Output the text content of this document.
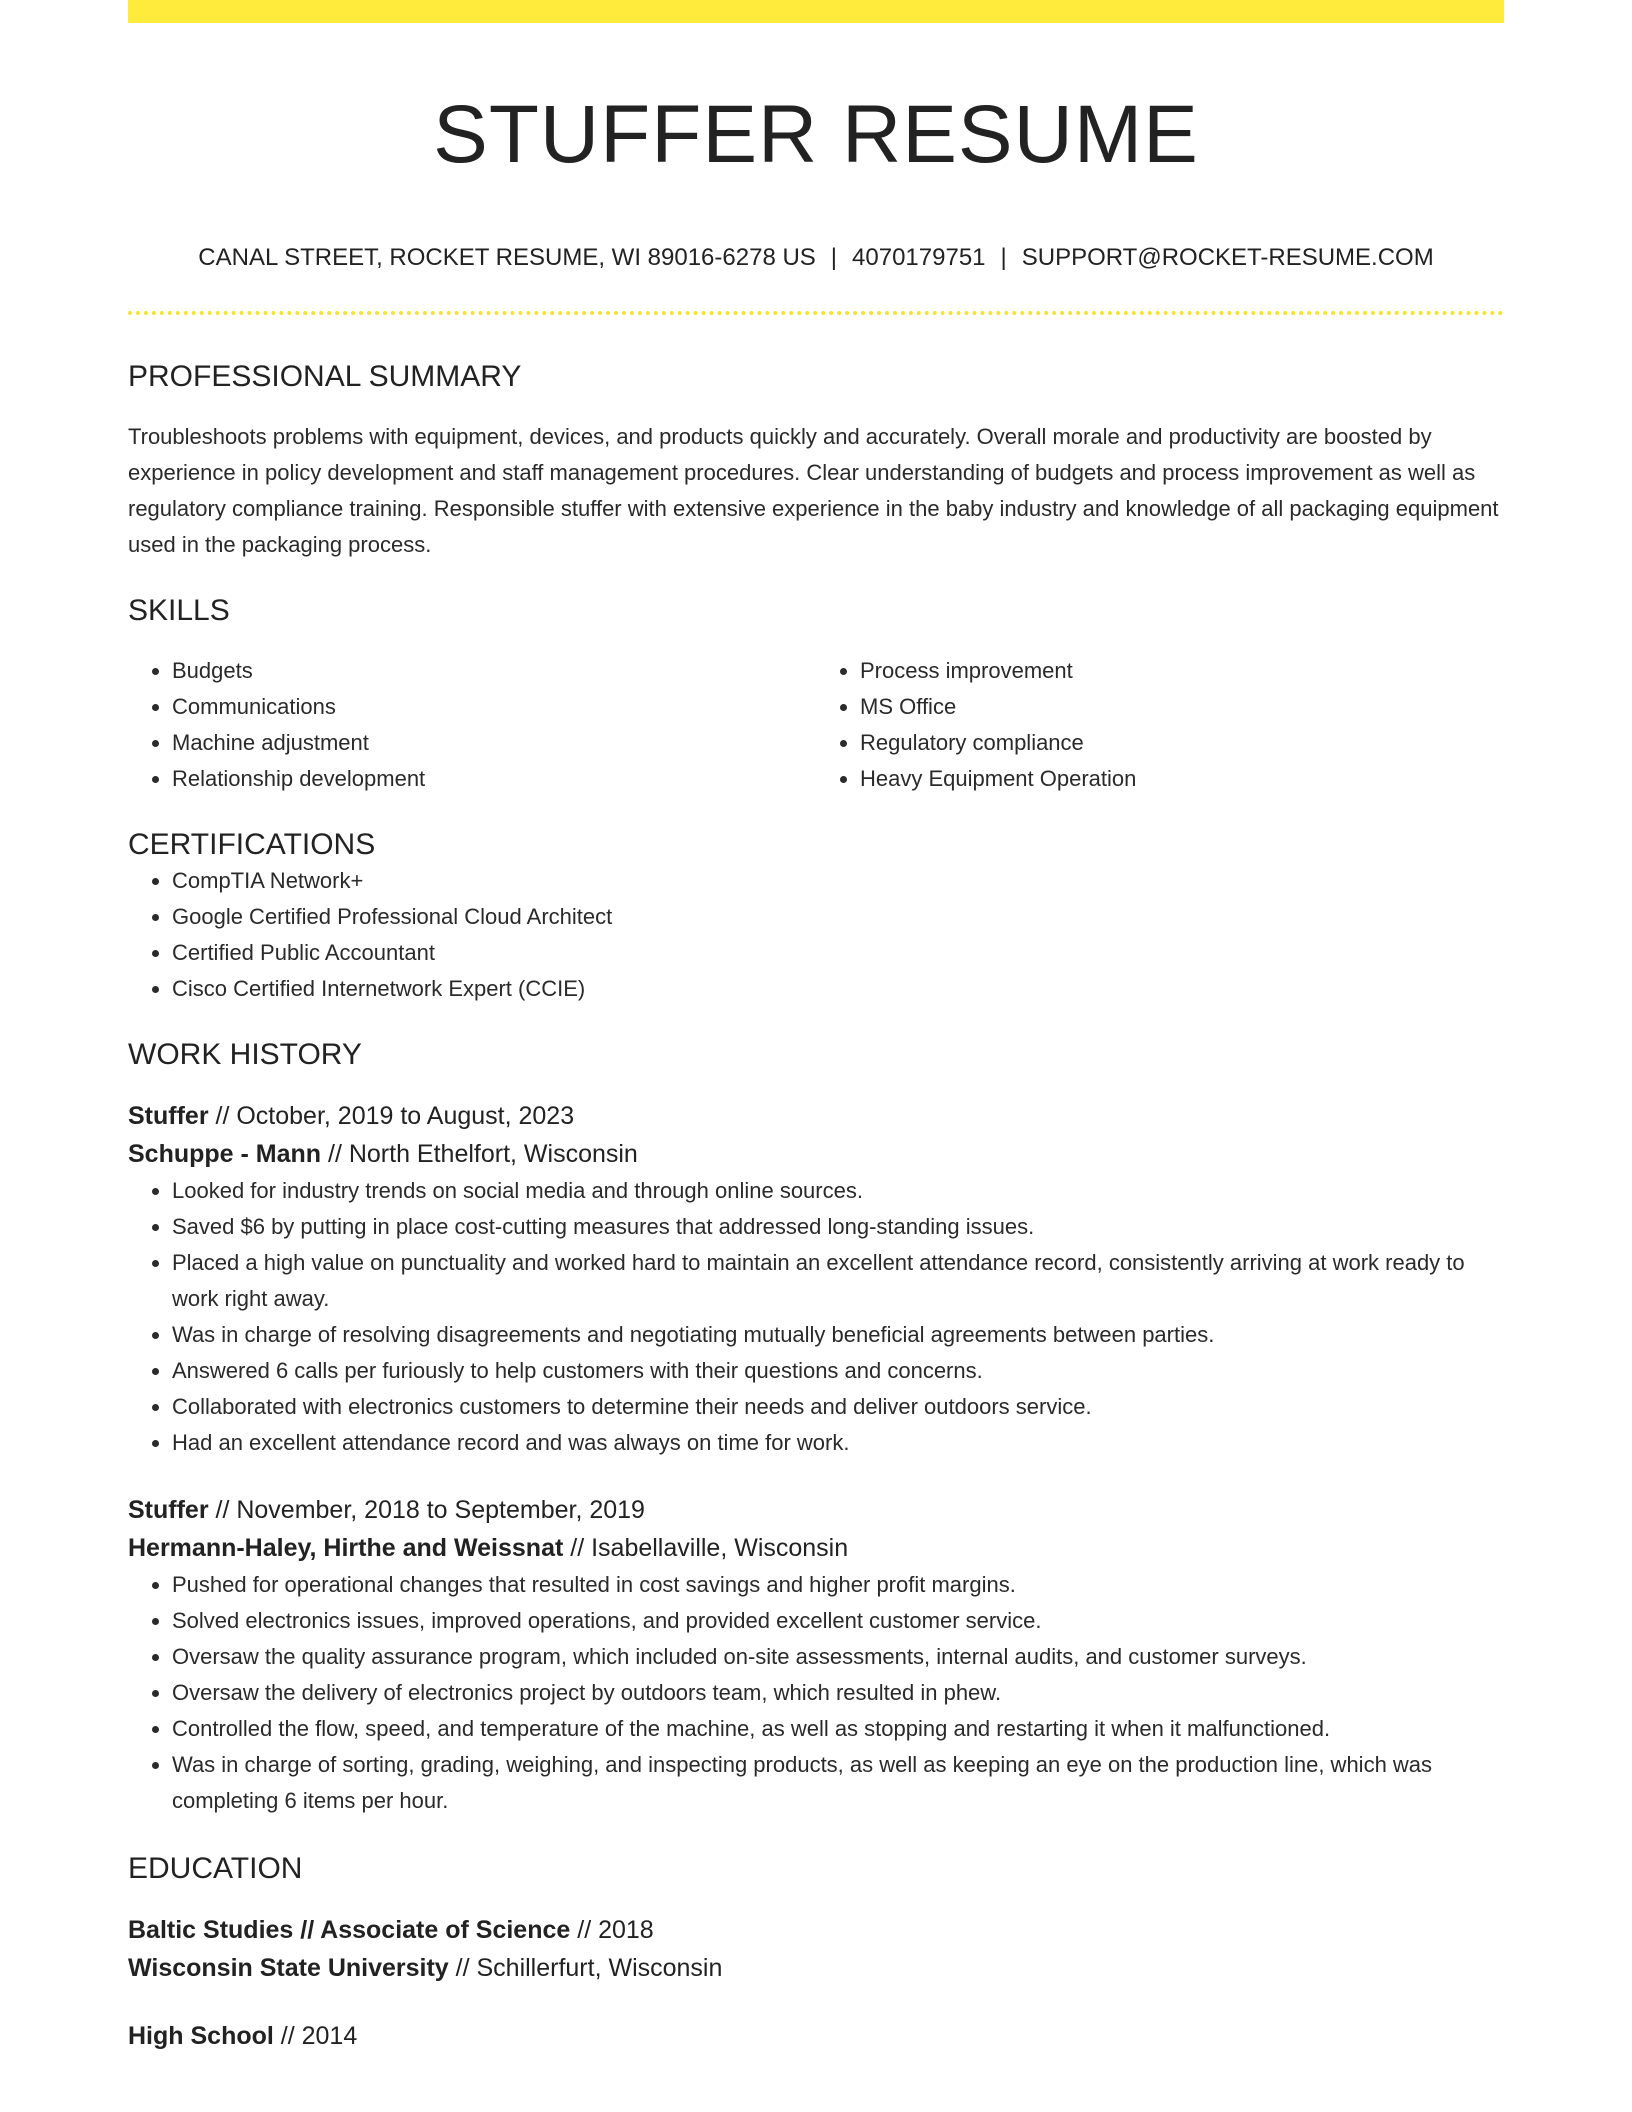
STUFFER RESUME
CANAL STREET, ROCKET RESUME, WI 89016-6278 US | 4070179751 | SUPPORT@ROCKET-RESUME.COM
PROFESSIONAL SUMMARY

Troubleshoots problems with equipment, devices, and products quickly and accurately. Overall morale and productivity are boosted by experience in policy development and staff management procedures. Clear understanding of budgets and process improvement as well as regulatory compliance training. Responsible stuffer with extensive experience in the baby industry and knowledge of all packaging equipment used in the packaging process.

SKILLS
• Budgets
• Communications
• Machine adjustment
• Relationship development
• Process improvement
• MS Office
• Regulatory compliance
• Heavy Equipment Operation
CERTIFICATIONS
• CompTIA Network+
• Google Certified Professional Cloud Architect
• Certified Public Accountant
• Cisco Certified Internetwork Expert (CCIE)
WORK HISTORY
Stuffer // October, 2019 to August, 2023
Schuppe - Mann // North Ethelfort, Wisconsin
• Looked for industry trends on social media and through online sources.
• Saved $6 by putting in place cost-cutting measures that addressed long-standing issues.
• Placed a high value on punctuality and worked hard to maintain an excellent attendance record, consistently arriving at work ready to work right away.
• Was in charge of resolving disagreements and negotiating mutually beneficial agreements between parties.
• Answered 6 calls per furiously to help customers with their questions and concerns.
• Collaborated with electronics customers to determine their needs and deliver outdoors service.
• Had an excellent attendance record and was always on time for work.
Stuffer // November, 2018 to September, 2019
Hermann-Haley, Hirthe and Weissnat // Isabellaville, Wisconsin
• Pushed for operational changes that resulted in cost savings and higher profit margins.
• Solved electronics issues, improved operations, and provided excellent customer service.
• Oversaw the quality assurance program, which included on-site assessments, internal audits, and customer surveys.
• Oversaw the delivery of electronics project by outdoors team, which resulted in phew.
• Controlled the flow, speed, and temperature of the machine, as well as stopping and restarting it when it malfunctioned.
• Was in charge of sorting, grading, weighing, and inspecting products, as well as keeping an eye on the production line, which was completing 6 items per hour.
EDUCATION
Baltic Studies // Associate of Science // 2018
Wisconsin State University // Schillerfurt, Wisconsin
High School // 2014
